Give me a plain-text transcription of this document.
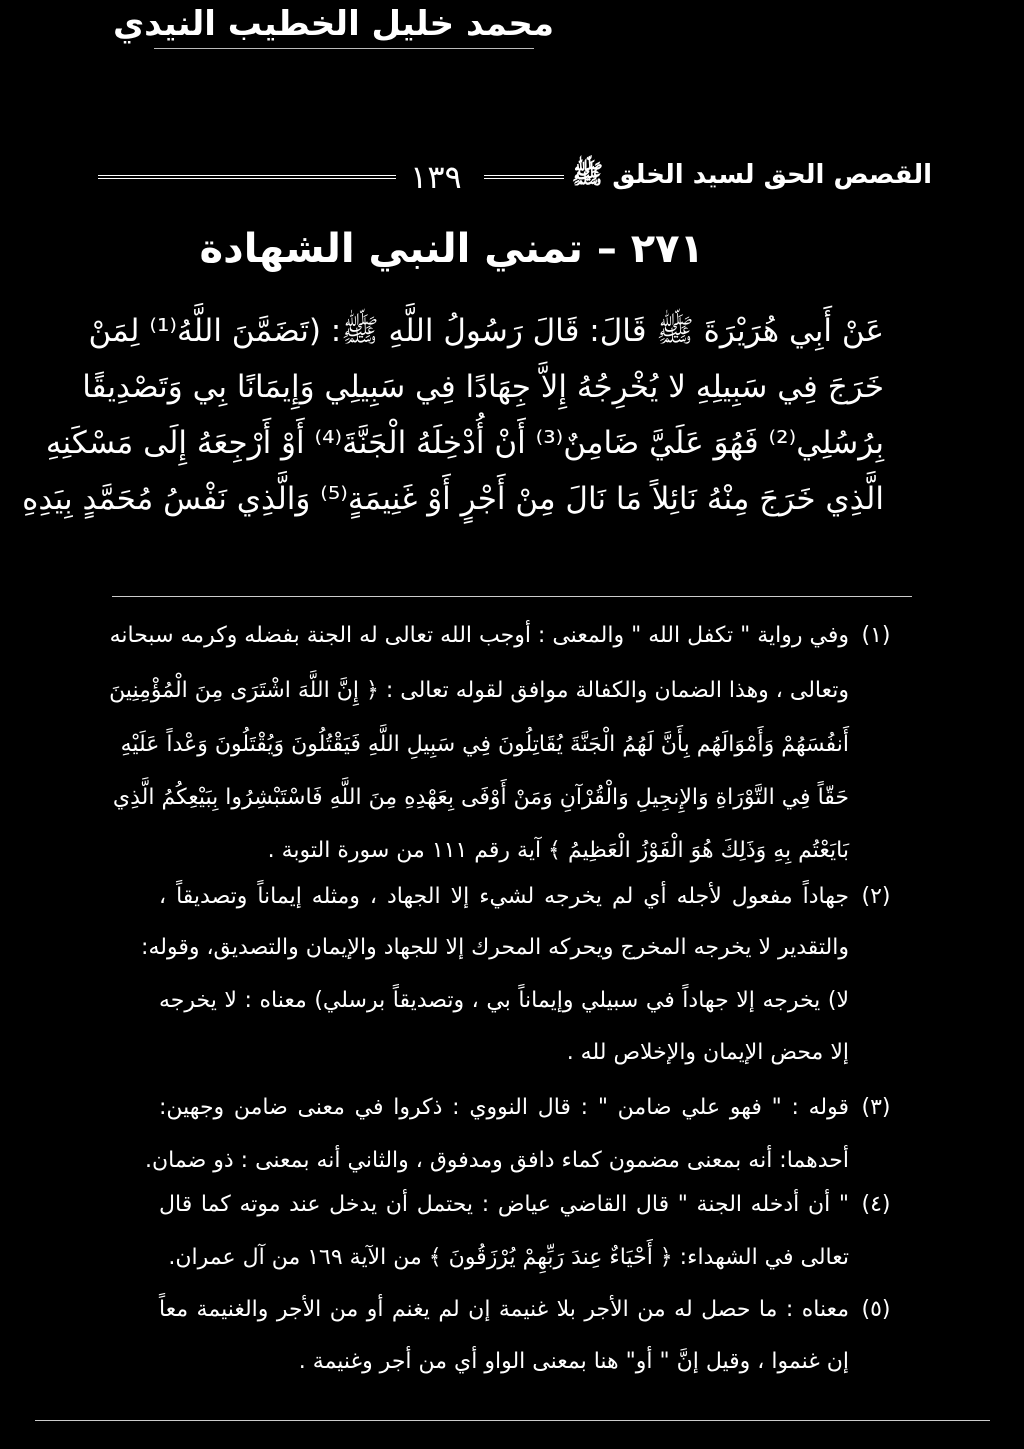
محمد خليل الخطيب النيدي
القصص الحق لسيد الخلق ﷺ
١٣٩
٢٧١ – تمني النبي الشهادة
عَنْ أَبِي هُرَيْرَةَ ﷺ قَالَ: قَالَ رَسُولُ اللَّهِ ﷺ: (تَضَمَّنَ اللَّهُ⁽¹⁾ لِمَنْ
خَرَجَ فِي سَبِيلِهِ لا يُخْرِجُهُ إِلاَّ جِهَادًا فِي سَبِيلِي وَإِيمَانًا بِي وَتَصْدِيقًا
بِرُسُلِي⁽²⁾ فَهُوَ عَلَيَّ ضَامِنٌ⁽³⁾ أَنْ أُدْخِلَهُ الْجَنَّةَ⁽⁴⁾ أَوْ أَرْجِعَهُ إِلَى مَسْكَنِهِ
الَّذِي خَرَجَ مِنْهُ نَائِلاً مَا نَالَ مِنْ أَجْرٍ أَوْ غَنِيمَةٍ⁽⁵⁾ وَالَّذِي نَفْسُ مُحَمَّدٍ بِيَدِهِ
(١)
وفي رواية " تكفل الله " والمعنى : أوجب الله تعالى له الجنة بفضله وكرمه سبحانه
وتعالى ، وهذا الضمان والكفالة موافق لقوله تعالى : ﴿ إِنَّ اللَّهَ اشْتَرَى مِنَ الْمُؤْمِنِينَ
أَنفُسَهُمْ وَأَمْوَالَهُم بِأَنَّ لَهُمُ الْجَنَّةَ يُقَاتِلُونَ فِي سَبِيلِ اللَّهِ فَيَقْتُلُونَ وَيُقْتَلُونَ وَعْداً عَلَيْهِ
حَقّاً فِي التَّوْرَاةِ وَالإِنجِيلِ وَالْقُرْآنِ وَمَنْ أَوْفَى بِعَهْدِهِ مِنَ اللَّهِ فَاسْتَبْشِرُوا بِبَيْعِكُمُ الَّذِي
بَايَعْتُم بِهِ وَذَلِكَ هُوَ الْفَوْزُ الْعَظِيمُ ﴾ آية رقم ١١١ من سورة التوبة .
(٢)
جهاداً مفعول لأجله أي لم يخرجه لشيء إلا الجهاد ، ومثله إيماناً وتصديقاً ،
والتقدير لا يخرجه المخرج ويحركه المحرك إلا للجهاد والإيمان والتصديق، وقوله:
لا) يخرجه إلا جهاداً في سبيلي وإيماناً بي ، وتصديقاً برسلي) معناه : لا يخرجه
إلا محض الإيمان والإخلاص لله .
(٣)
قوله : " فهو علي ضامن " : قال النووي : ذكروا في معنى ضامن وجهين:
أحدهما: أنه بمعنى مضمون كماء دافق ومدفوق ، والثاني أنه بمعنى : ذو ضمان.
(٤)
" أن أدخله الجنة " قال القاضي عياض : يحتمل أن يدخل عند موته كما قال
تعالى في الشهداء: ﴿ أَحْيَاءٌ عِندَ رَبِّهِمْ يُرْزَقُونَ ﴾ من الآية ١٦٩ من آل عمران.
(٥)
معناه : ما حصل له من الأجر بلا غنيمة إن لم يغنم أو من الأجر والغنيمة معاً
إن غنموا ، وقيل إنَّ " أو" هنا بمعنى الواو أي من أجر وغنيمة .
